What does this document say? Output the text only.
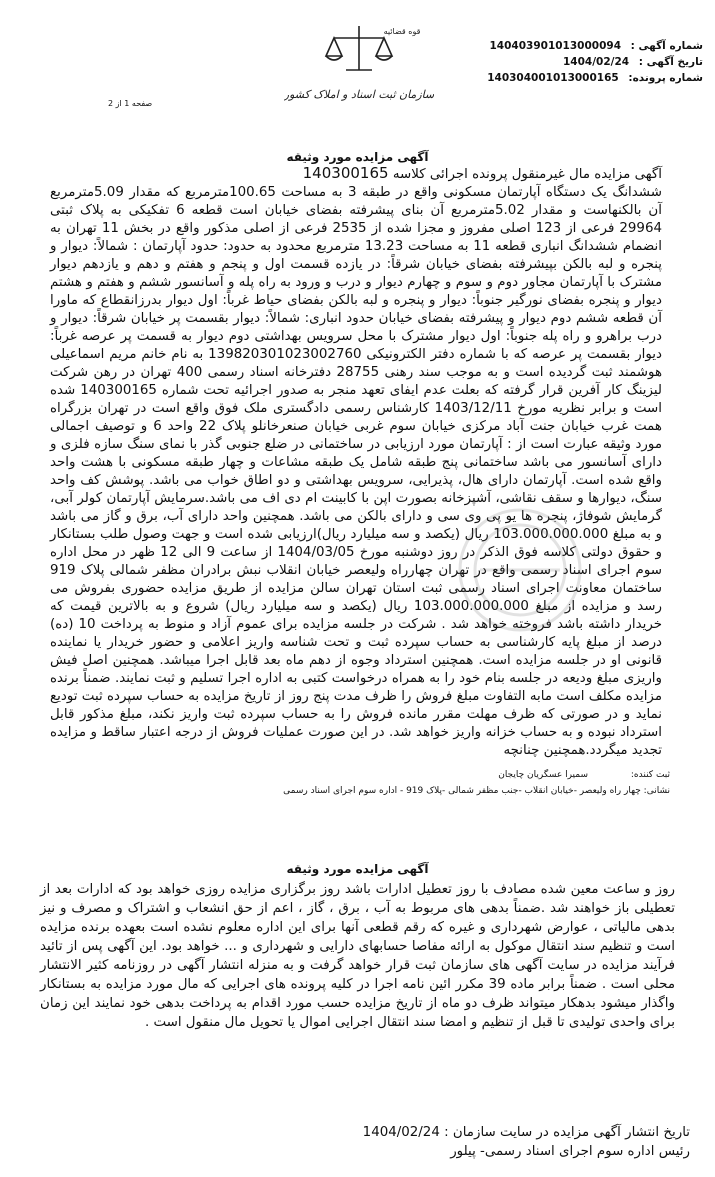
شماره آگهی : 140403901013000094
تاریخ آگهی : 1404/02/24
شماره پرونده: 140304001013000165
قوه قضائیه
سازمان ثبت اسناد و املاک کشور
صفحه 1 از 2
آگهی مزایده مورد وثیقه
آگهی مزایده مال غیرمنقول پرونده اجرائی کلاسه 140300165
ششدانگ یک دستگاه آپارتمان مسکونی واقع در طبقه 3 به مساحت 100.65مترمربع که مقدار 5.09مترمربع آن بالکنهاست و مقدار 5.02مترمربع آن بنای پیشرفته بفضای خیابان است قطعه 6 تفکیکی به پلاک ثبتی 29964 فرعی از 123 اصلی مفروز و مجزا شده از 2535 فرعی از اصلی مذکور واقع در بخش 11 تهران به انضمام ششدانگ انباری قطعه 11 به مساحت 13.23 مترمربع محدود به حدود: حدود آپارتمان : شمالاً: دیوار و پنجره و لبه بالکن بپیشرفته بفضای خیابان شرقاً: در یازده قسمت اول و پنجم و هفتم و دهم و یازدهم دیوار مشترک با آپارتمان مجاور دوم و سوم و چهارم دیوار و درب و ورود به راه پله و آسانسور ششم و هفتم و هشتم دیوار و پنجره بفضای نورگیر جنوباً: دیوار و پنجره و لبه بالکن بفضای حیاط غرباً: اول دیوار بدرزانقطاع که ماورا آن قطعه ششم دوم دیوار و پیشرفته بفضای خیابان حدود انباری: شمالاً: دیوار بقسمت پر خیابان شرقاً: دیوار و درب براهرو و راه پله جنوباً: اول دیوار مشترک با محل سرویس بهداشتی دوم دیوار به قسمت پر عرصه غرباً: دیوار بقسمت پر عرصه که با شماره دفتر الکترونیکی 139820301023002760 به نام خانم مریم اسماعیلی هوشمند ثبت گردیده است و به موجب سند رهنی 28755 دفترخانه اسناد رسمی 400 تهران در رهن شرکت لیزینگ کار آفرین قرار گرفته که بعلت عدم ایفای تعهد منجر به صدور اجرائیه تحت شماره 140300165 شده است و برابر نظریه مورخ 1403/12/11 کارشناس رسمی دادگستری ملک فوق واقع است در تهران بزرگراه همت غرب خیابان جنت آباد مرکزی خیابان سوم غربی خیابان صنعرخانلو پلاک 22 واحد 6 و توصیف اجمالی مورد وثیقه عبارت است از : آپارتمان مورد ارزیابی در ساختمانی در ضلع جنوبی گذر با نمای سنگ سازه فلزی و دارای آسانسور می باشد ساختمانی پنج طبقه شامل یک طبقه مشاعات و چهار طبقه مسکونی با هشت واحد واقع شده است. آپارتمان دارای هال، پذیرایی، سرویس بهداشتی و دو اطاق خواب می باشد. پوشش کف واحد سنگ، دیوارها و سقف نقاشی، آشپزخانه بصورت اپن با کابینت ام دی اف می باشد.سرمایش آپارتمان کولر آبی، گرمایش شوفاژ، پنجره ها یو پی وی سی و دارای بالکن می باشد. همچنین واحد دارای آب، برق و گاز می باشد و به مبلغ 103.000.000.000 ریال (یکصد و سه میلیارد ریال)ارزیابی شده است و جهت وصول طلب بستانکار و حقوق دولتی کلاسه فوق الذکر در روز دوشنبه مورخ 1404/03/05 از ساعت 9 الی 12 ظهر در محل اداره سوم اجرای اسناد رسمی واقع در تهران چهارراه ولیعصر خیابان انقلاب نبش برادران مظفر شمالی پلاک 919 ساختمان معاونت اجرای اسناد رسمی ثبت استان تهران سالن مزایده از طریق مزایده حضوری بفروش می رسد و مزایده از مبلغ 103.000.000.000 ریال (یکصد و سه میلیارد ریال) شروع و به بالاترین قیمت که خریدار داشته باشد فروخته خواهد شد . شرکت در جلسه مزایده برای عموم آزاد و منوط به پرداخت 10 (ده) درصد از مبلغ پایه کارشناسی به حساب سپرده ثبت و تحت شناسه واریز اعلامی و حضور خریدار یا نماینده قانونی او در جلسه مزایده است. همچنین استرداد وجوه از دهم ماه بعد قابل اجرا میباشد. همچنین اصل فیش واریزی مبلغ ودیعه در جلسه بنام خود را به همراه درخواست کتبی به اداره اجرا تسلیم و ثبت نمایند. ضمناً برنده مزایده مکلف است مابه التفاوت مبلغ فروش را ظرف مدت پنج روز از تاریخ مزایده به حساب سپرده ثبت تودیع نماید و در صورتی که ظرف مهلت مقرر مانده فروش را به حساب سپرده ثبت واریز نکند، مبلغ مذکور قابل استرداد نبوده و به حساب خزانه واریز خواهد شد. در این صورت عملیات فروش از درجه اعتبار ساقط و مزایده تجدید میگردد.همچنین چنانچه
ثبت کننده: سمیرا عسگریان چایجان
نشانی: چهار راه ولیعصر -خیابان انقلاب -جنب مظفر شمالی -پلاک 919 - اداره سوم اجرای اسناد رسمی
آگهی مزایده مورد وثیقه
روز و ساعت معین شده مصادف با روز تعطیل ادارات باشد روز برگزاری مزایده روزی خواهد بود که ادارات بعد از تعطیلی باز خواهند شد .ضمناً بدهی های مربوط به آب ، برق ، گاز ، اعم از حق انشعاب و اشتراک و مصرف و نیز بدهی مالیاتی ، عوارض شهرداری و غیره که رقم قطعی آنها برای این اداره معلوم نشده است بعهده برنده مزایده است و تنظیم سند انتقال موکول به ارائه مفاصا حسابهای دارایی و شهرداری و ... خواهد بود. این آگهی پس از تائید فرآیند مزایده در سایت آگهی های سازمان ثبت قرار خواهد گرفت و به منزله انتشار آگهی در روزنامه کثیر الانتشار محلی است . ضمناً برابر ماده 39 مکرر ائین نامه اجرا در کلیه پرونده های اجرایی که مال مورد مزایده به بستانکار واگذار میشود بدهکار میتواند ظرف دو ماه از تاریخ مزایده حسب مورد اقدام به پرداخت بدهی خود نمایند این زمان برای واحدی تولیدی تا قبل از تنظیم و امضا سند انتقال اجرایی اموال یا تحویل مال منقول است .
تاریخ انتشار آگهی مزایده در سایت سازمان : 1404/02/24
رئیس اداره سوم اجرای اسناد رسمی- پیلور
